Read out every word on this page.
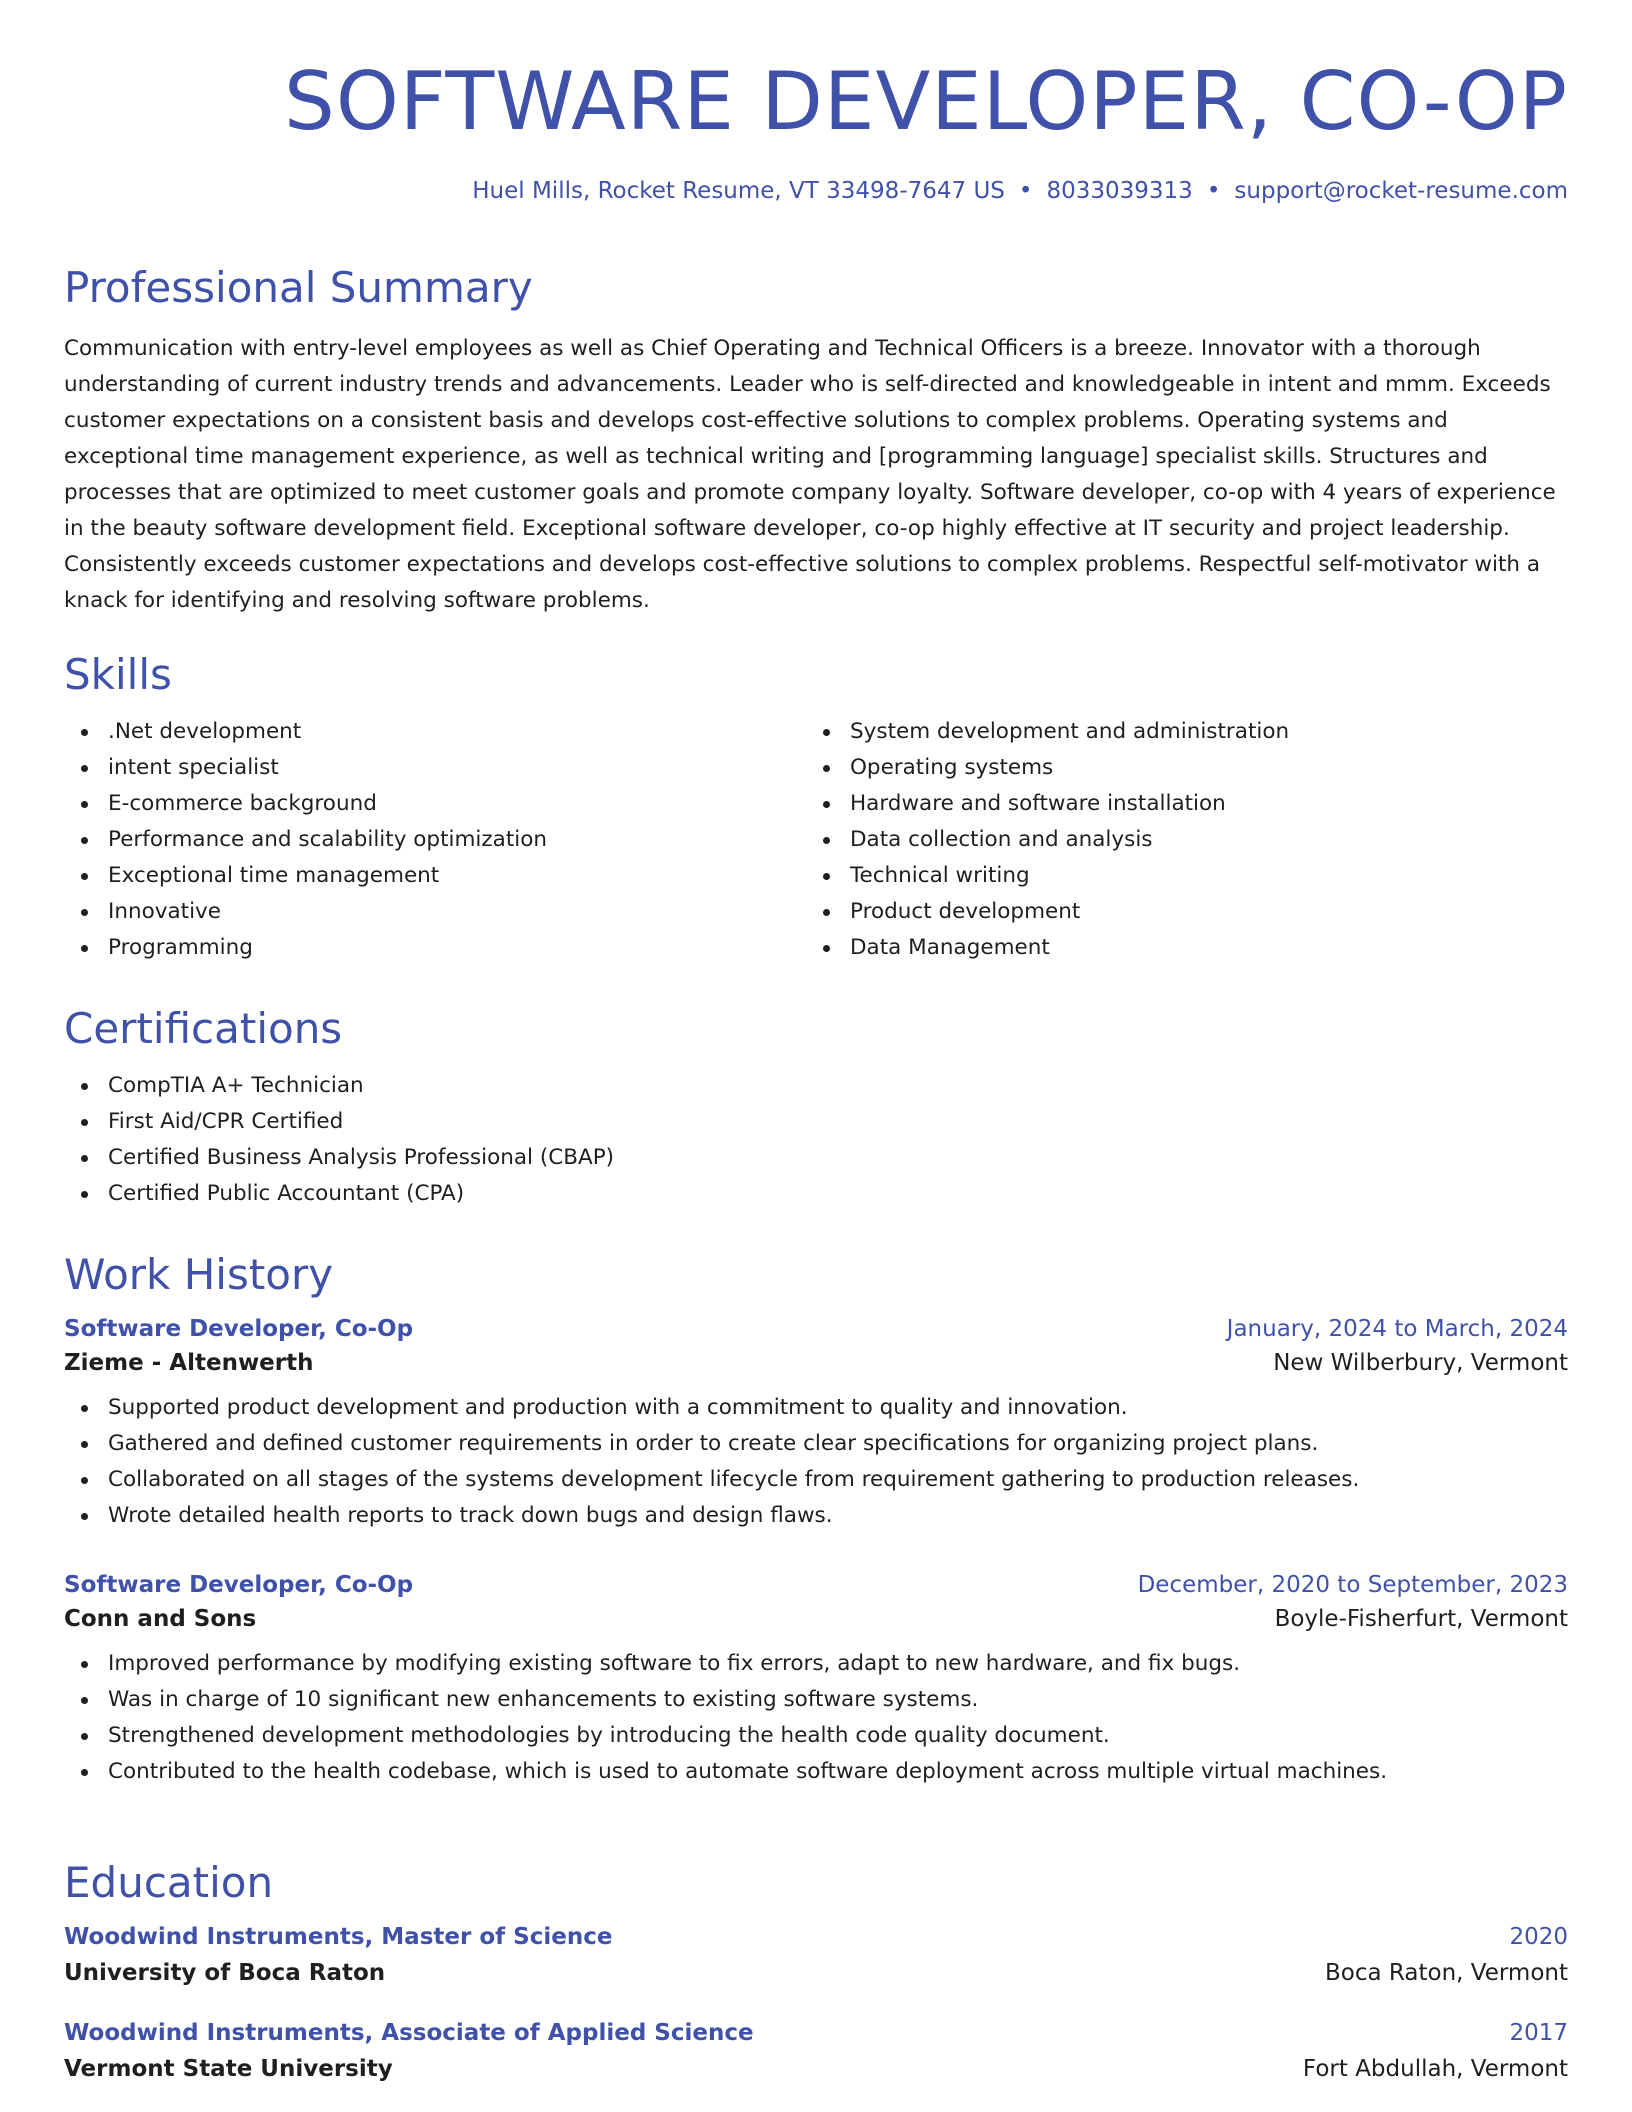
SOFTWARE DEVELOPER, CO-OP
Huel Mills, Rocket Resume, VT 33498-7647 US • 8033039313 • support@rocket-resume.com
Professional Summary

Communication with entry-level employees as well as Chief Operating and Technical Officers is a breeze. Innovator with a thorough understanding of current industry trends and advancements. Leader who is self-directed and knowledgeable in intent and mmm. Exceeds customer expectations on a consistent basis and develops cost-effective solutions to complex problems. Operating systems and exceptional time management experience, as well as technical writing and [programming language] specialist skills. Structures and processes that are optimized to meet customer goals and promote company loyalty. Software developer, co-op with 4 years of experience in the beauty software development field. Exceptional software developer, co-op highly effective at IT security and project leadership. Consistently exceeds customer expectations and develops cost-effective solutions to complex problems. Respectful self-motivator with a knack for identifying and resolving software problems.

Skills
.Net development
intent specialist
E-commerce background
Performance and scalability optimization
Exceptional time management
Innovative
Programming
System development and administration
Operating systems
Hardware and software installation
Data collection and analysis
Technical writing
Product development
Data Management
Certifications
CompTIA A+ Technician
First Aid/CPR Certified
Certified Business Analysis Professional (CBAP)
Certified Public Accountant (CPA)
Work History
Software Developer, Co-Op	January, 2024 to March, 2024
Zieme - Altenwerth	New Wilberbury, Vermont
Supported product development and production with a commitment to quality and innovation.
Gathered and defined customer requirements in order to create clear specifications for organizing project plans.
Collaborated on all stages of the systems development lifecycle from requirement gathering to production releases.
Wrote detailed health reports to track down bugs and design flaws.
Software Developer, Co-Op	December, 2020 to September, 2023
Conn and Sons	Boyle-Fisherfurt, Vermont
Improved performance by modifying existing software to fix errors, adapt to new hardware, and fix bugs.
Was in charge of 10 significant new enhancements to existing software systems.
Strengthened development methodologies by introducing the health code quality document.
Contributed to the health codebase, which is used to automate software deployment across multiple virtual machines.
Education
Woodwind Instruments, Master of Science	2020
University of Boca Raton	Boca Raton, Vermont
Woodwind Instruments, Associate of Applied Science	2017
Vermont State University	Fort Abdullah, Vermont
